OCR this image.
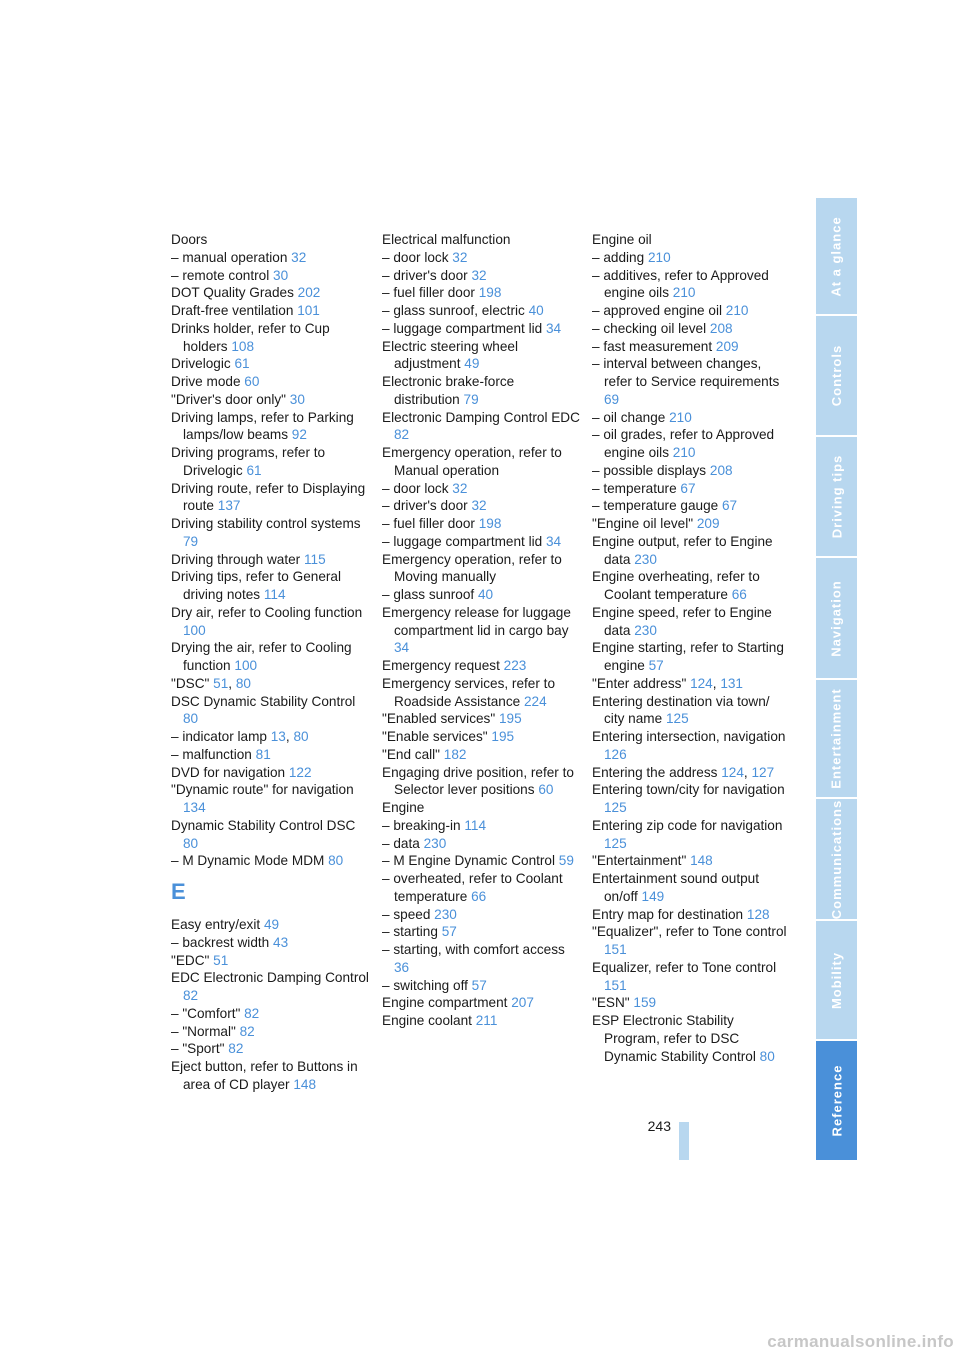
Doors
– manual operation 32
– remote control 30
DOT Quality Grades 202
Draft-free ventilation 101
Drinks holder, refer to Cup holders 108
Drivelogic 61
Drive mode 60
"Driver's door only" 30
Driving lamps, refer to Parking lamps/low beams 92
Driving programs, refer to Drivelogic 61
Driving route, refer to Displaying route 137
Driving stability control systems 79
Driving through water 115
Driving tips, refer to General driving notes 114
Dry air, refer to Cooling function 100
Drying the air, refer to Cooling function 100
"DSC" 51, 80
DSC Dynamic Stability Control 80
– indicator lamp 13, 80
– malfunction 81
DVD for navigation 122
"Dynamic route" for navigation 134
Dynamic Stability Control DSC 80
– M Dynamic Mode MDM 80
E
Easy entry/exit 49
– backrest width 43
"EDC" 51
EDC Electronic Damping Control 82
– "Comfort" 82
– "Normal" 82
– "Sport" 82
Eject button, refer to Buttons in area of CD player 148
Electrical malfunction
– door lock 32
– driver's door 32
– fuel filler door 198
– glass sunroof, electric 40
– luggage compartment lid 34
Electric steering wheel adjustment 49
Electronic brake-force distribution 79
Electronic Damping Control EDC 82
Emergency operation, refer to Manual operation
– door lock 32
– driver's door 32
– fuel filler door 198
– luggage compartment lid 34
Emergency operation, refer to Moving manually
– glass sunroof 40
Emergency release for luggage compartment lid in cargo bay 34
Emergency request 223
Emergency services, refer to Roadside Assistance 224
"Enabled services" 195
"Enable services" 195
"End call" 182
Engaging drive position, refer to Selector lever positions 60
Engine
– breaking-in 114
– data 230
– M Engine Dynamic Control 59
– overheated, refer to Coolant temperature 66
– speed 230
– starting 57
– starting, with comfort access 36
– switching off 57
Engine compartment 207
Engine coolant 211
Engine oil
– adding 210
– additives, refer to Approved engine oils 210
– approved engine oil 210
– checking oil level 208
– fast measurement 209
– interval between changes, refer to Service requirements 69
– oil change 210
– oil grades, refer to Approved engine oils 210
– possible displays 208
– temperature 67
– temperature gauge 67
"Engine oil level" 209
Engine output, refer to Engine data 230
Engine overheating, refer to Coolant temperature 66
Engine speed, refer to Engine data 230
Engine starting, refer to Starting engine 57
"Enter address" 124, 131
Entering destination via town/ city name 125
Entering intersection, navigation 126
Entering the address 124, 127
Entering town/city for navigation 125
Entering zip code for navigation 125
"Entertainment" 148
Entertainment sound output on/off 149
Entry map for destination 128
"Equalizer", refer to Tone control 151
Equalizer, refer to Tone control 151
"ESN" 159
ESP Electronic Stability Program, refer to DSC Dynamic Stability Control 80
At a glance
Controls
Driving tips
Navigation
Entertainment
Communications
Mobility
Reference
243
carmanualsonline.info
